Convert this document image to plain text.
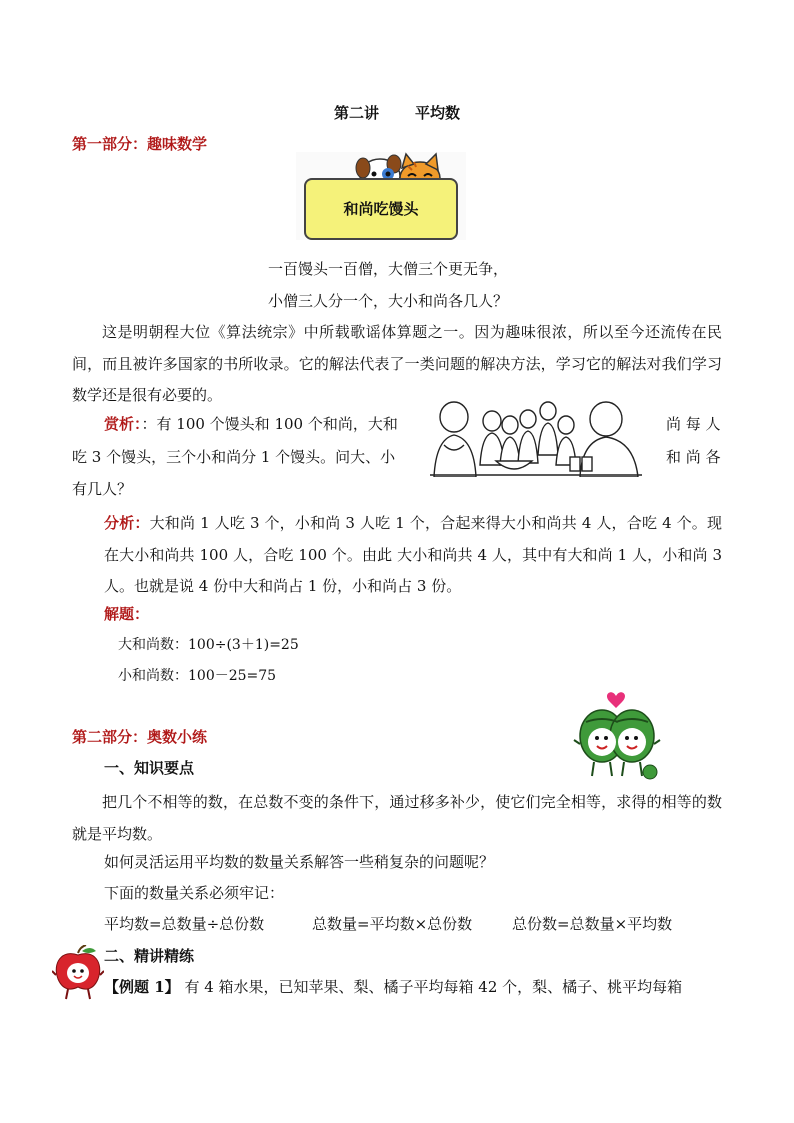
第二讲 平均数
第一部分：趣味数学
和尚吃馒头
一百馒头一百僧，大僧三个更无争，
小僧三人分一个，大小和尚各几人？
这是明朝程大位《算法统宗》中所载歌谣体算题之一。因为趣味很浓，所以至今还流传在民间，而且被许多国家的书所收录。它的解法代表了一类问题的解决方法，学习它的解法对我们学习数学还是很有必要的。
赏析：：有 100 个馒头和 100 个和尚，大和
吃 3 个馒头，三个小和尚分 1 个馒头。问大、小
有几人？
尚 每 人
和 尚 各
分析：大和尚 1 人吃 3 个，小和尚 3 人吃 1 个，合起来得大小和尚共 4 人，合吃 4 个。现在大小和尚共 100 人，合吃 100 个。由此 大小和尚共 4 人，其中有大和尚 1 人，小和尚 3 人。也就是说 4 份中大和尚占 1 份，小和尚占 3 份。
解题：
大和尚数：100÷(3＋1)=25
小和尚数：100－25=75
第二部分：奥数小练
一、知识要点
把几个不相等的数，在总数不变的条件下，通过移多补少，使它们完全相等，求得的相等的数就是平均数。
如何灵活运用平均数的数量关系解答一些稍复杂的问题呢？
下面的数量关系必须牢记：
平均数=总数量÷总份数	总数量=平均数×总份数	总份数=总数量×平均数
二、精讲精练
【例题 1】 有 4 箱水果，已知苹果、梨、橘子平均每箱 42 个，梨、橘子、桃平均每箱
